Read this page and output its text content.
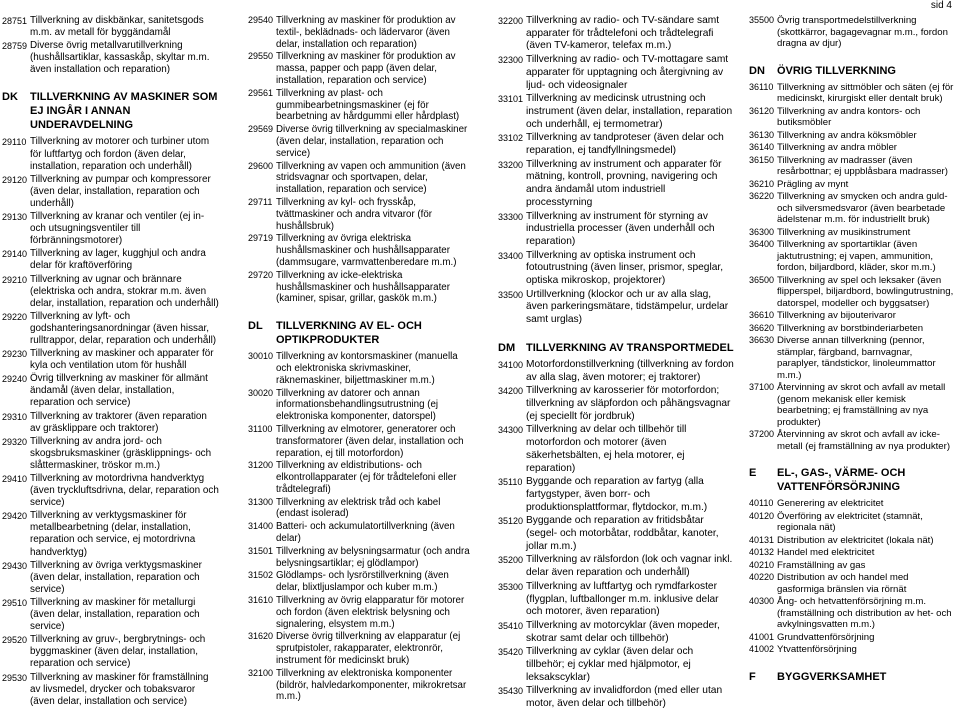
sid 4
28751 Tillverkning av diskbänkar, sanitetsgods m.m. av metall för byggändamål
28759 Diverse övrig metallvarutillverkning (hushållsartiklar, kassaskåp, skyltar m.m. även installation och reparation)
DK	TILLVERKNING AV MASKINER SOM EJ INGÅR I ANNAN UNDERAVDELNING
29110 Tillverkning av motorer och turbiner utom för luftfartyg och fordon (även delar, installation, reparation och underhåll)
29120 Tillverkning av pumpar och kompressorer (även delar, installation, reparation och underhåll)
29130 Tillverkning av kranar och ventiler (ej in- och utsugningsventiler till förbränningsmotorer)
29140 Tillverkning av lager, kugghjul och andra delar för kraftöverföring
29210 Tillverkning av ugnar och brännare (elektriska och andra, stokrar m.m. även delar, installation, reparation och underhåll)
29220 Tillverkning av lyft- och godshanteringsanordningar (även hissar, rulltrappor, delar, reparation och underhåll)
29230 Tillverkning av maskiner och apparater för kyla och ventilation utom för hushåll
29240 Övrig tillverkning av maskiner för allmänt ändamål (även delar, installation, reparation och service)
29310 Tillverkning av traktorer (även reparation av gräsklippare och traktorer)
29320 Tillverkning av andra jord- och skogsbruksmaskiner (gräsklippnings- och slåttermaskiner, tröskor m.m.)
29410 Tillverkning av motordrivna handverktyg (även tryckluftsdrivna, delar, reparation och service)
29420 Tillverkning av verktygsmaskiner för metallbearbetning (delar, installation, reparation och service, ej motordrivna handverktyg)
29430 Tillverkning av övriga verktygsmaskiner (även delar, installation, reparation och service)
29510 Tillverkning av maskiner för metallurgi (även delar, installation, reparation och service)
29520 Tillverkning av gruv-, bergbrytnings- och byggmaskiner (även delar, installation, reparation och service)
29530 Tillverkning av maskiner för framställning av livsmedel, drycker och tobaksvaror (även delar, installation och service)
29540 Tillverkning av maskiner för produktion av textil-, beklädnads- och lädervaror (även delar, installation och reparation)
29550 Tillverkning av maskiner för produktion av massa, papper och papp (även delar, installation, reparation och service)
29561 Tillverkning av plast- och gummibearbetningsmaskiner (ej för bearbetning av hårdgummi eller hårdplast)
29569 Diverse övrig tillverkning av specialmaskiner (även delar, installation, reparation och service)
29600 Tillverkning av vapen och ammunition (även stridsvagnar och sportvapen, delar, installation, reparation och service)
29711 Tillverkning av kyl- och frysskåp, tvättmaskiner och andra vitvaror (för hushållsbruk)
29719 Tillverkning av övriga elektriska hushållsmaskiner och hushållsapparater (dammsugare, varmvattenberedare m.m.)
29720 Tillverkning av icke-elektriska hushållsmaskiner och hushållsapparater (kaminer, spisar, grillar, gaskök m.m.)
DL	TILLVERKNING AV EL- OCH OPTIKPRODUKTER
30010 Tillverkning av kontorsmaskiner (manuella och elektroniska skrivmaskiner, räknemaskiner, biljettmaskiner m.m.)
30020 Tillverkning av datorer och annan informationsbehandlingsutrustning (ej elektroniska komponenter, datorspel)
31100 Tillverkning av elmotorer, generatorer och transformatorer (även delar, installation och reparation, ej till motorfordon)
31200 Tillverkning av eldistributions- och elkontrollapparater (ej för trådtelefoni eller trådtelegrafi)
31300 Tillverkning av elektrisk tråd och kabel (endast isolerad)
31400 Batteri- och ackumulatortillverkning (även delar)
31501 Tillverkning av belysningsarmatur (och andra belysningsartiklar; ej glödlampor)
31502 Glödlamps- och lysrörstillverkning (även delar, blixtljuslampor och kuber m.m.)
31610 Tillverkning av övrig elapparatur för motorer och fordon (även elektrisk belysning och signalering, elsystem m.m.)
31620 Diverse övrig tillverkning av elapparatur (ej sprutpistoler, rakapparater, elektronrör, instrument för medicinskt bruk)
32100 Tillverkning av elektroniska komponenter (bildrör, halvledarkomponenter, mikrokretsar m.m.)
32200 Tillverkning av radio- och TV-sändare samt apparater för trådtelefoni och trådtelegrafi (även TV-kameror, telefax m.m.)
32300 Tillverkning av radio- och TV-mottagare samt apparater för upptagning och återgivning av ljud- och videosignaler
33101 Tillverkning av medicinsk utrustning och instrument (även delar, installation, reparation och underhåll, ej termometrar)
33102 Tillverkning av tandproteser (även delar och reparation, ej tandfyllningsmedel)
33200 Tillverkning av instrument och apparater för mätning, kontroll, provning, navigering och andra ändamål utom industriell processtyrning
33300 Tillverkning av instrument för styrning av industriella processer (även underhåll och reparation)
33400 Tillverkning av optiska instrument och fotoutrustning (även linser, prismor, speglar, optiska mikroskop, projektorer)
33500 Urtillverkning (klockor och ur av alla slag, även parkeringsmätare, tidstämpelur, urdelar samt urglas)
DM TILLVERKNING AV TRANSPORTMEDEL
34100 Motorfordonstillverkning (tillverkning av fordon av alla slag, även motorer; ej traktorer)
34200 Tillverkning av karosserier för motorfordon; tillverkning av släpfordon och påhängsvagnar (ej speciellt för jordbruk)
34300 Tillverkning av delar och tillbehör till motorfordon och motorer (även säkerhetsbälten, ej hela motorer, ej reparation)
35110 Byggande och reparation av fartyg (alla fartygstyper, även borr- och produktionsplattformar, flytdockor, m.m.)
35120 Byggande och reparation av fritidsbåtar (segel- och motorbåtar, roddbåtar, kanoter, jollar m.m.)
35200 Tillverkning av rälsfordon (lok och vagnar inkl. delar även reparation och underhåll)
35300 Tillverkning av luftfartyg och rymdfarkoster (flygplan, luftballonger m.m. inklusive delar och motorer, även reparation)
35410 Tillverkning av motorcyklar (även mopeder, skotrar samt delar och tillbehör)
35420 Tillverkning av cyklar (även delar och tillbehör; ej cyklar med hjälpmotor, ej leksakscyklar)
35430 Tillverkning av invalidfordon (med eller utan motor, även delar och tillbehör)
35500 Övrig transportmedelstillverkning (skottkärror, bagagevagnar m.m., fordon dragna av djur)
DN	ÖVRIG TILLVERKNING
36110 Tillverkning av sittmöbler och säten (ej för medicinskt, kirurgiskt eller dentalt bruk)
36120 Tillverkning av andra kontors- och butiksmöbler
36130 Tillverkning av andra köksmöbler
36140 Tillverkning av andra möbler
36150 Tillverkning av madrasser (även resårbottnar; ej uppblåsbara madrasser)
36210 Prägling av mynt
36220 Tillverkning av smycken och andra guld- och silversmedsvaror (även bearbetade ädelstenar m.m. för industriellt bruk)
36300 Tillverkning av musikinstrument
36400 Tillverkning av sportartiklar (även jaktutrustning; ej vapen, ammunition, fordon, biljardbord, kläder, skor m.m.)
36500 Tillverkning av spel och leksaker (även flipperspel, biljardbord, bowlingutrustning, datorspel, modeller och byggsatser)
36610 Tillverkning av bijouterivaror
36620 Tillverkning av borstbinderiarbeten
36630 Diverse annan tillverkning (pennor, stämplar, färgband, barnvagnar, paraplyer, tändstickor, linoleummattor m.m.)
37100 Återvinning av skrot och avfall av metall (genom mekanisk eller kemisk bearbetning; ej framställning av nya produkter)
37200 Återvinning av skrot och avfall av icke-metall (ej framställning av nya produkter)
E	EL-, GAS-, VÄRME- OCH VATTENFÖRSÖRJNING
40110 Generering av elektricitet
40120 Överföring av elektricitet (stamnät, regionala nät)
40131 Distribution av elektricitet (lokala nät)
40132 Handel med elektricitet
40210 Framställning av gas
40220 Distribution av och handel med gasformiga bränslen via rörnät
40300 Ång- och hetvattenförsörjning m.m. (framställning och distribution av het- och avkylningsvatten m.m.)
41001 Grundvattenförsörjning
41002 Ytvattenförsörjning
F	BYGGVERKSAMHET
